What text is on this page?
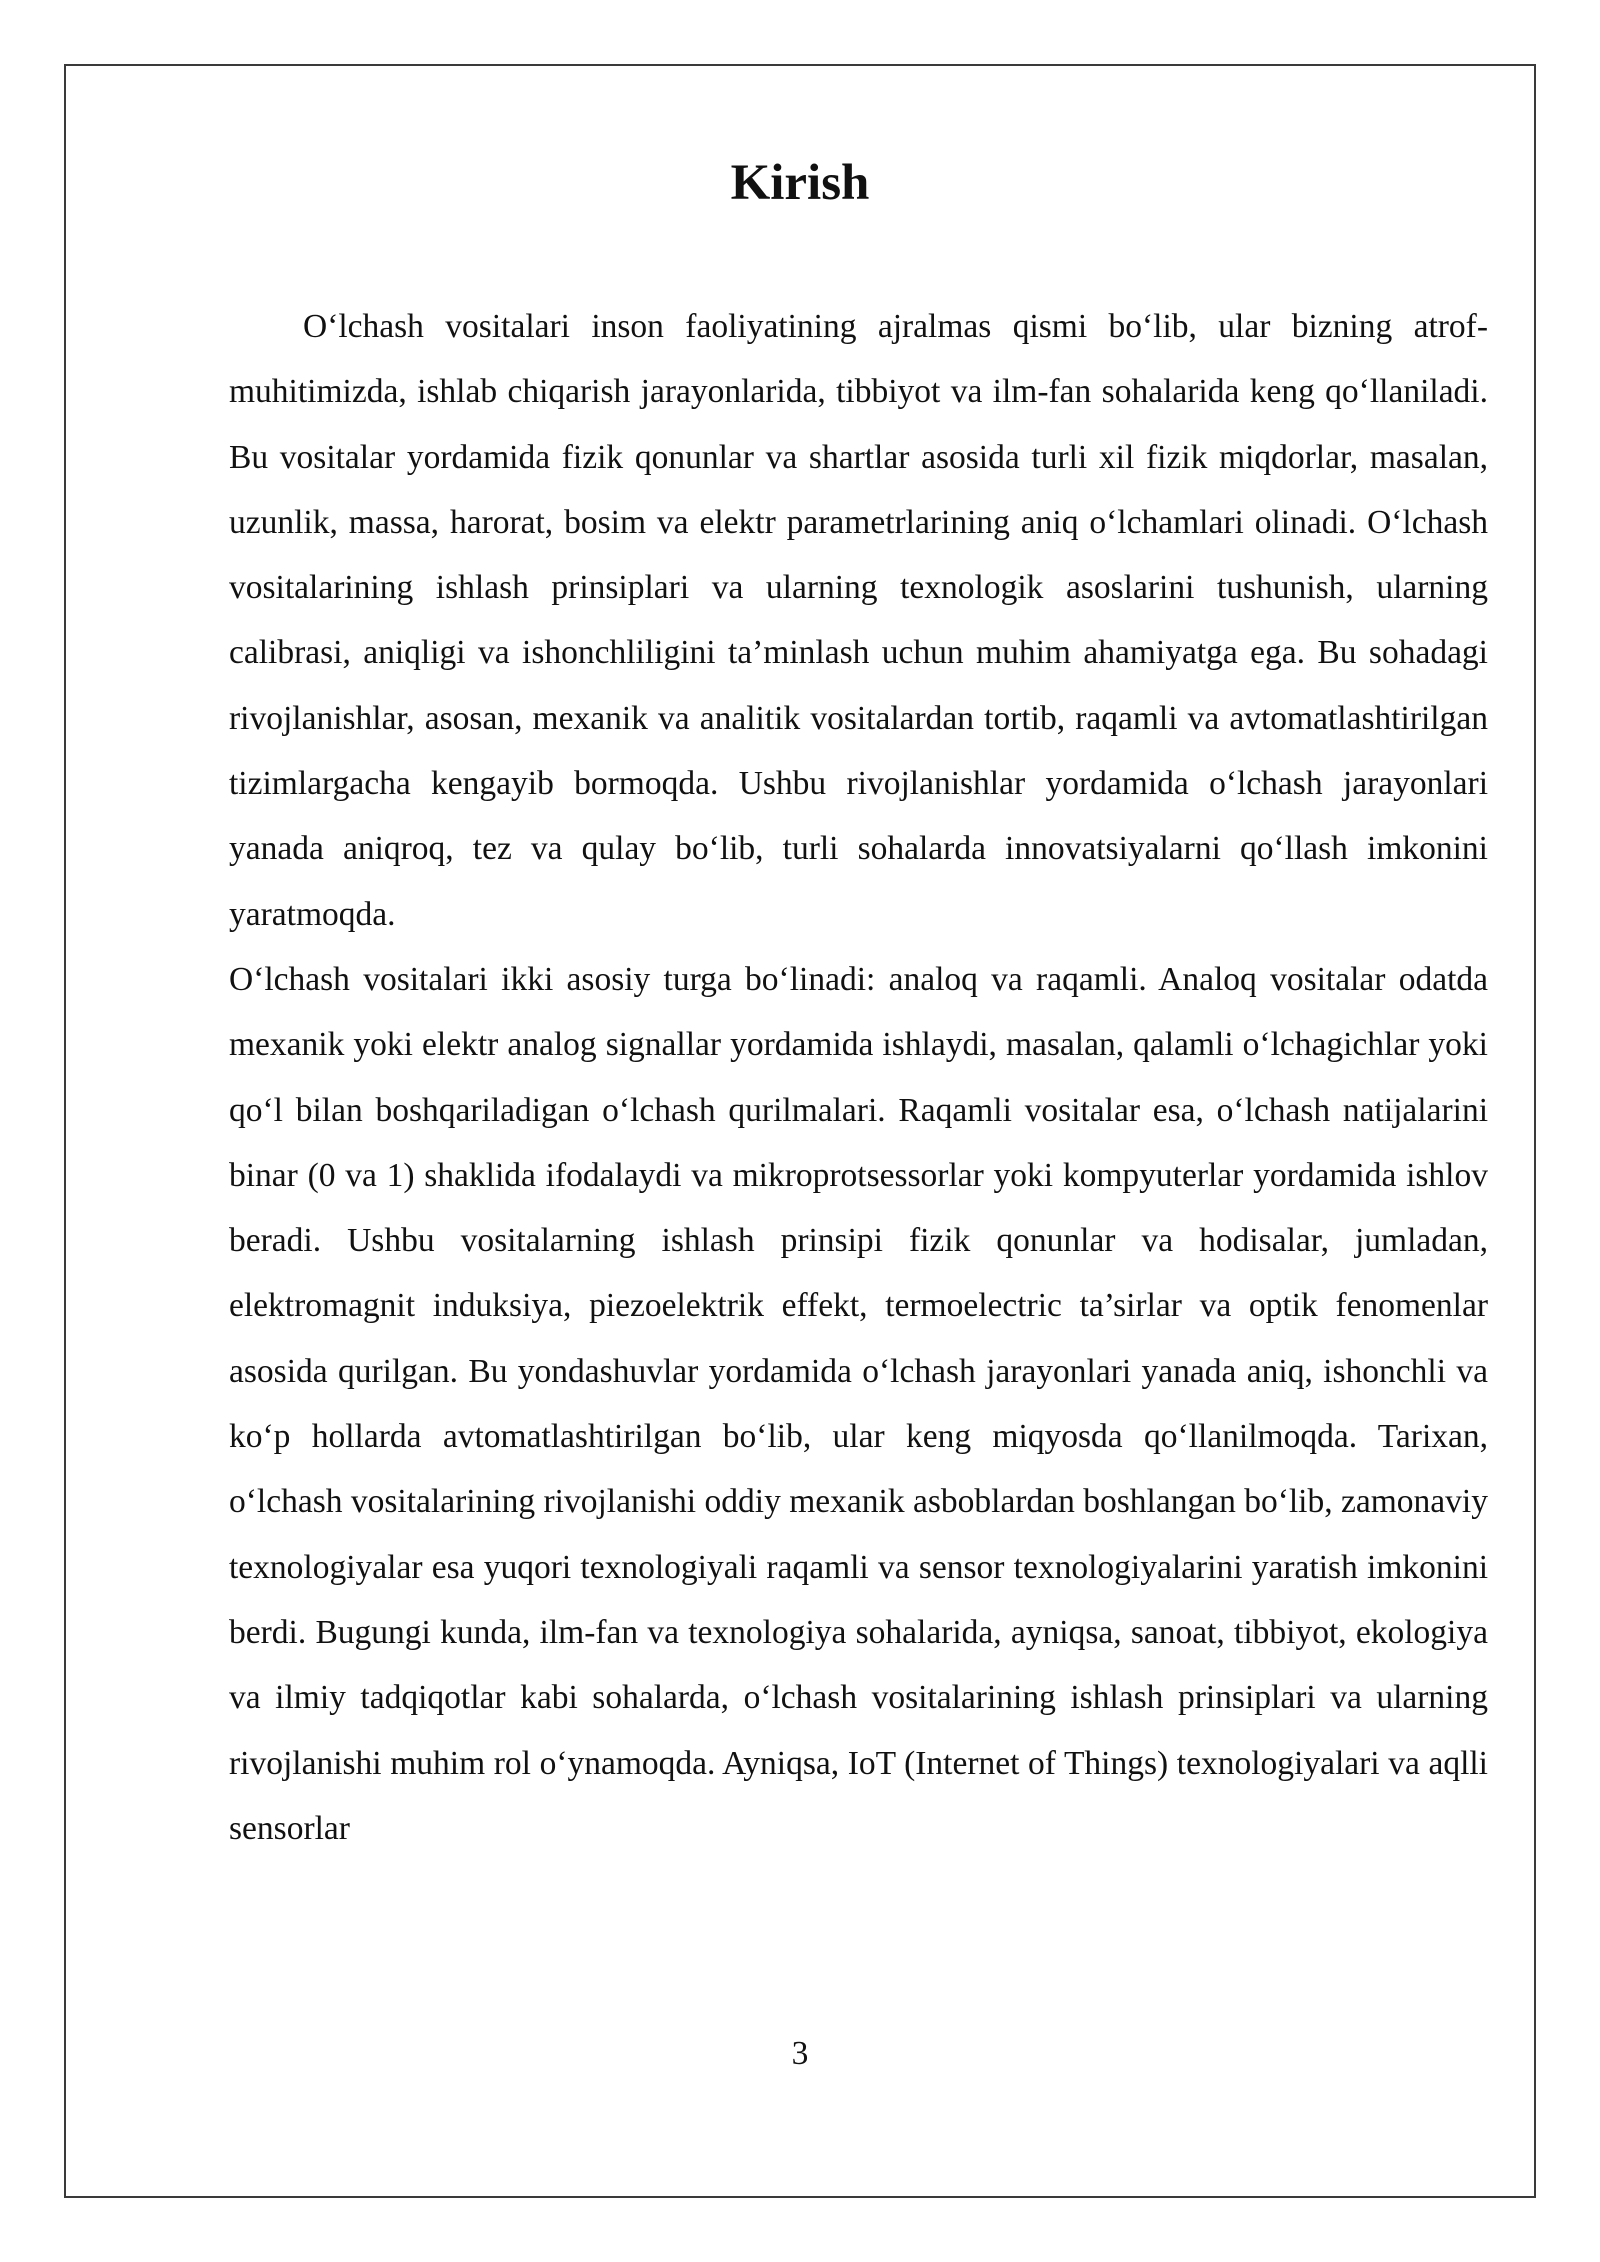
Kirish

O‘lchash vositalari inson faoliyatining ajralmas qismi bo‘lib, ular bizning atrof-muhitimizda, ishlab chiqarish jarayonlarida, tibbiyot va ilm-fan sohalarida keng qo‘llaniladi. Bu vositalar yordamida fizik qonunlar va shartlar asosida turli xil fizik miqdorlar, masalan, uzunlik, massa, harorat, bosim va elektr parametrlarining aniq o‘lchamlari olinadi. O‘lchash vositalarining ishlash prinsiplari va ularning texnologik asoslarini tushunish, ularning calibrasi, aniqligi va ishonchliligini ta’minlash uchun muhim ahamiyatga ega. Bu sohadagi rivojlanishlar, asosan, mexanik va analitik vositalardan tortib, raqamli va avtomatlashtirilgan tizimlargacha kengayib bormoqda. Ushbu rivojlanishlar yordamida o‘lchash jarayonlari yanada aniqroq, tez va qulay bo‘lib, turli sohalarda innovatsiyalarni qo‘llash imkonini yaratmoqda.

O‘lchash vositalari ikki asosiy turga bo‘linadi: analoq va raqamli. Analoq vositalar odatda mexanik yoki elektr analog signallar yordamida ishlaydi, masalan, qalamli o‘lchagichlar yoki qo‘l bilan boshqariladigan o‘lchash qurilmalari. Raqamli vositalar esa, o‘lchash natijalarini binar (0 va 1) shaklida ifodalaydi va mikroprotsessorlar yoki kompyuterlar yordamida ishlov beradi. Ushbu vositalarning ishlash prinsipi fizik qonunlar va hodisalar, jumladan, elektromagnit induksiya, piezoelektrik effekt, termoelectric ta’sirlar va optik fenomenlar asosida qurilgan. Bu yondashuvlar yordamida o‘lchash jarayonlari yanada aniq, ishonchli va ko‘p hollarda avtomatlashtirilgan bo‘lib, ular keng miqyosda qo‘llanilmoqda. Tarixan, o‘lchash vositalarining rivojlanishi oddiy mexanik asboblardan boshlangan bo‘lib, zamonaviy texnologiyalar esa yuqori texnologiyali raqamli va sensor texnologiyalarini yaratish imkonini berdi. Bugungi kunda, ilm-fan va texnologiya sohalarida, ayniqsa, sanoat, tibbiyot, ekologiya va ilmiy tadqiqotlar kabi sohalarda, o‘lchash vositalarining ishlash prinsiplari va ularning rivojlanishi muhim rol o‘ynamoqda. Ayniqsa, IoT (Internet of Things) texnologiyalari va aqlli sensorlar

3
